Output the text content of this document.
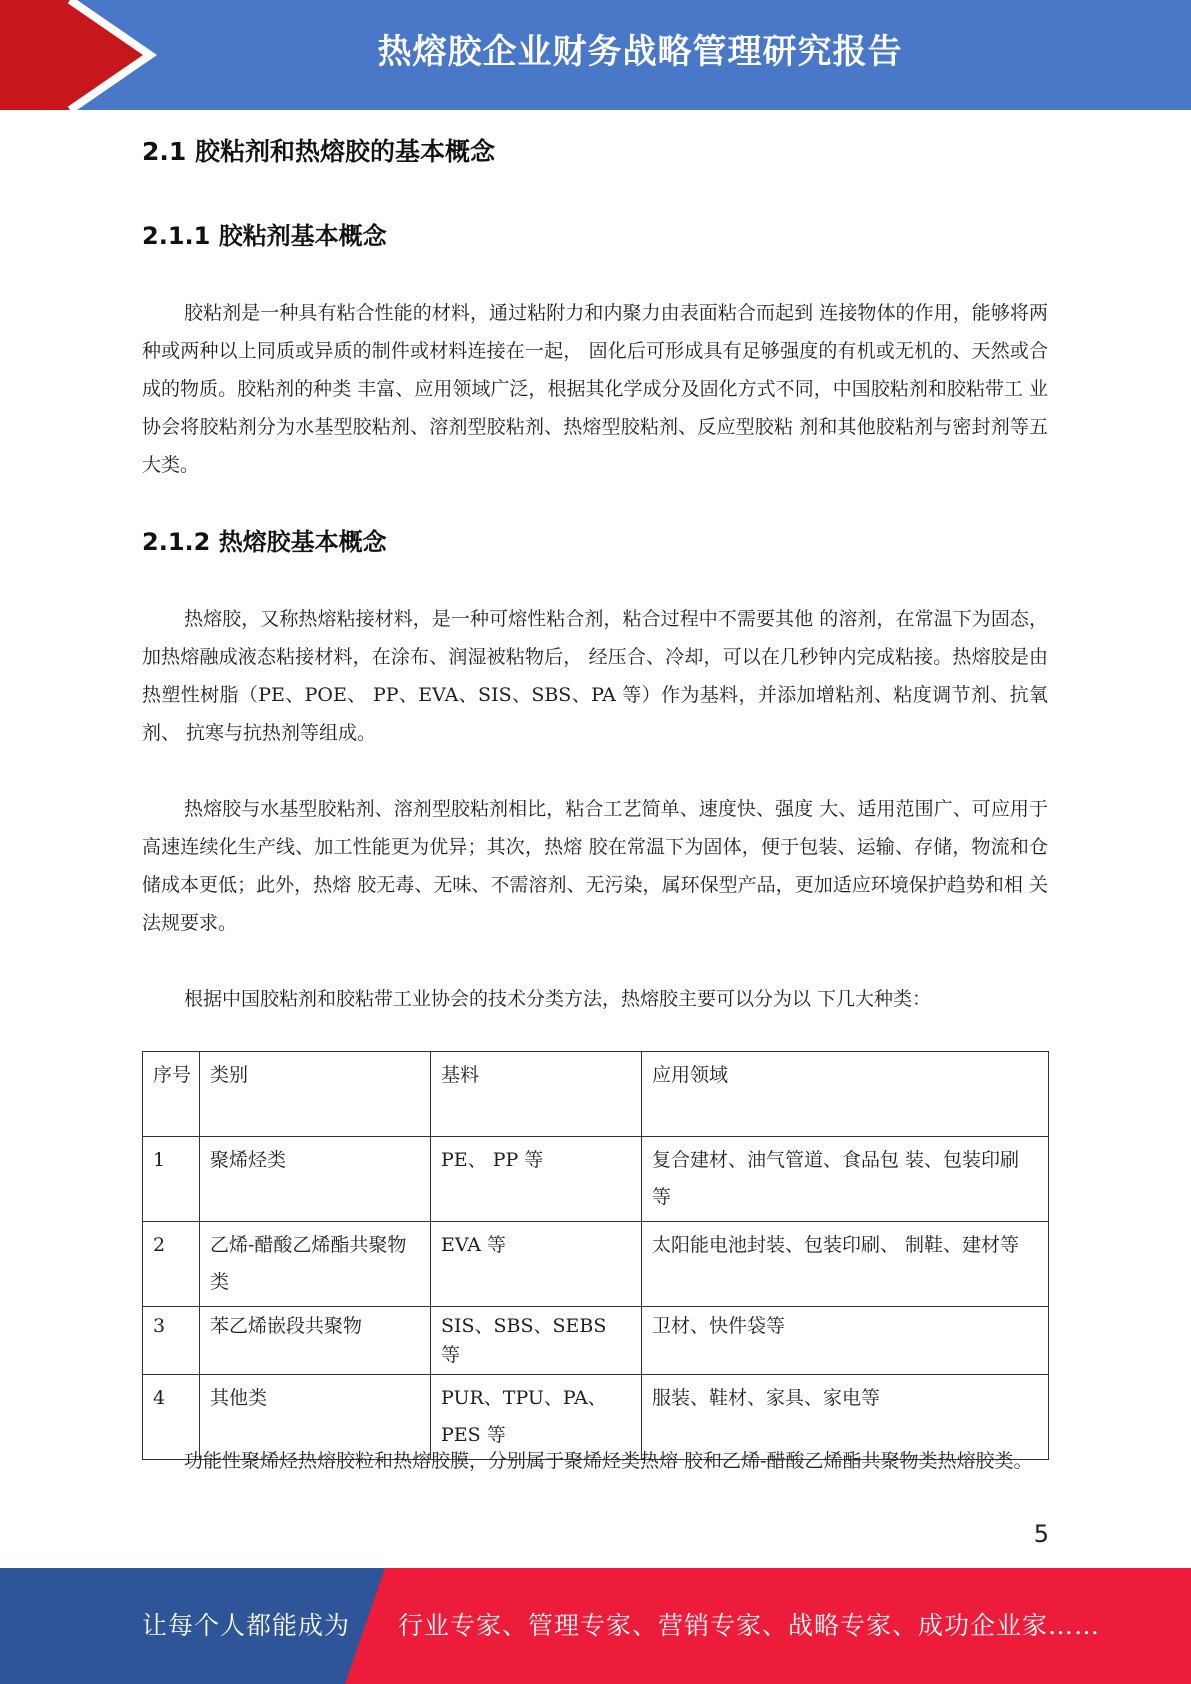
热熔胶企业财务战略管理研究报告
2.1 胶粘剂和热熔胶的基本概念
2.1.1 胶粘剂基本概念

胶粘剂是一种具有粘合性能的材料，通过粘附力和内聚力由表面粘合而起到 连接物体的作用，能够将两种或两种以上同质或异质的制件或材料连接在一起， 固化后可形成具有足够强度的有机或无机的、天然或合成的物质。胶粘剂的种类 丰富、应用领域广泛，根据其化学成分及固化方式不同，中国胶粘剂和胶粘带工 业协会将胶粘剂分为水基型胶粘剂、溶剂型胶粘剂、热熔型胶粘剂、反应型胶粘 剂和其他胶粘剂与密封剂等五大类。

2.1.2 热熔胶基本概念

热熔胶，又称热熔粘接材料，是一种可熔性粘合剂，粘合过程中不需要其他 的溶剂，在常温下为固态，加热熔融成液态粘接材料，在涂布、润湿被粘物后， 经压合、冷却，可以在几秒钟内完成粘接。热熔胶是由热塑性树脂（PE、POE、 PP、EVA、SIS、SBS、PA 等）作为基料，并添加增粘剂、粘度调节剂、抗氧剂、 抗寒与抗热剂等组成。

热熔胶与水基型胶粘剂、溶剂型胶粘剂相比，粘合工艺简单、速度快、强度 大、适用范围广、可应用于高速连续化生产线、加工性能更为优异；其次，热熔 胶在常温下为固体，便于包装、运输、存储，物流和仓储成本更低；此外，热熔 胶无毒、无味、不需溶剂、无污染，属环保型产品，更加适应环境保护趋势和相 关法规要求。

根据中国胶粘剂和胶粘带工业协会的技术分类方法，热熔胶主要可以分为以 下几大种类：

序号	类别	基料	应用领域
1	聚烯烃类	PE、 PP 等	复合建材、油气管道、食品包 装、包装印刷等
2	乙烯-醋酸乙烯酯共聚物类	EVA 等	太阳能电池封装、包装印刷、 制鞋、建材等
3	苯乙烯嵌段共聚物	SIS、SBS、SEBS 等	卫材、快件袋等
4	其他类	PUR、TPU、PA、PES 等	服装、鞋材、家具、家电等

功能性聚烯烃热熔胶粒和热熔胶膜，分别属于聚烯烃类热熔 胶和乙烯-醋酸乙烯酯共聚物类热熔胶类。

5
让每个人都能成为 行业专家、管理专家、营销专家、战略专家、成功企业家……
